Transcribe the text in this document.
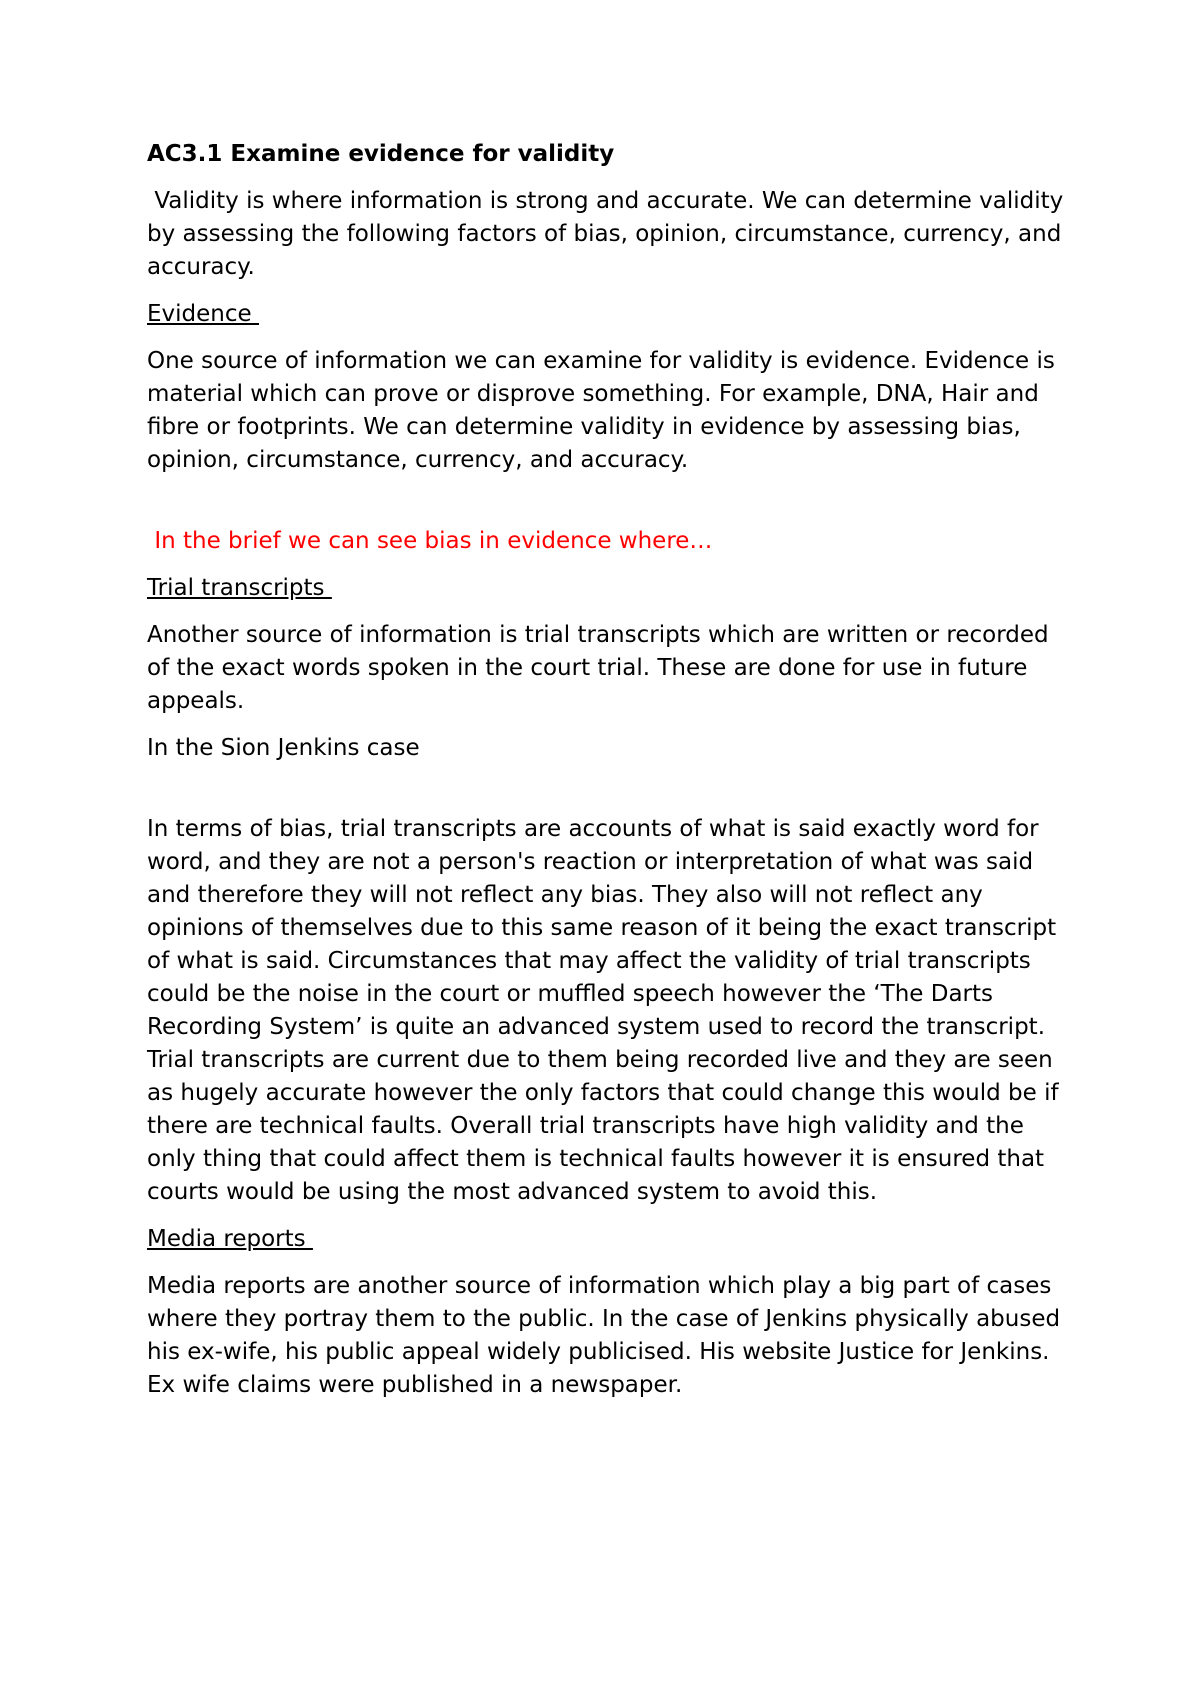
AC3.1 Examine evidence for validity

Validity is where information is strong and accurate. We can determine validity by assessing the following factors of bias, opinion, circumstance, currency, and accuracy.

Evidence

One source of information we can examine for validity is evidence. Evidence is material which can prove or disprove something. For example, DNA, Hair and fibre or footprints. We can determine validity in evidence by assessing bias, opinion, circumstance, currency, and accuracy.

In the brief we can see bias in evidence where…

Trial transcripts

Another source of information is trial transcripts which are written or recorded of the exact words spoken in the court trial. These are done for use in future appeals.

In the Sion Jenkins case

In terms of bias, trial transcripts are accounts of what is said exactly word for word, and they are not a person's reaction or interpretation of what was said and therefore they will not reflect any bias. They also will not reflect any opinions of themselves due to this same reason of it being the exact transcript of what is said. Circumstances that may affect the validity of trial transcripts could be the noise in the court or muffled speech however the ‘The Darts Recording System’ is quite an advanced system used to record the transcript. Trial transcripts are current due to them being recorded live and they are seen as hugely accurate however the only factors that could change this would be if there are technical faults. Overall trial transcripts have high validity and the only thing that could affect them is technical faults however it is ensured that courts would be using the most advanced system to avoid this.

Media reports

Media reports are another source of information which play a big part of cases where they portray them to the public. In the case of Jenkins physically abused his ex-wife, his public appeal widely publicised. His website Justice for Jenkins. Ex wife claims were published in a newspaper.
